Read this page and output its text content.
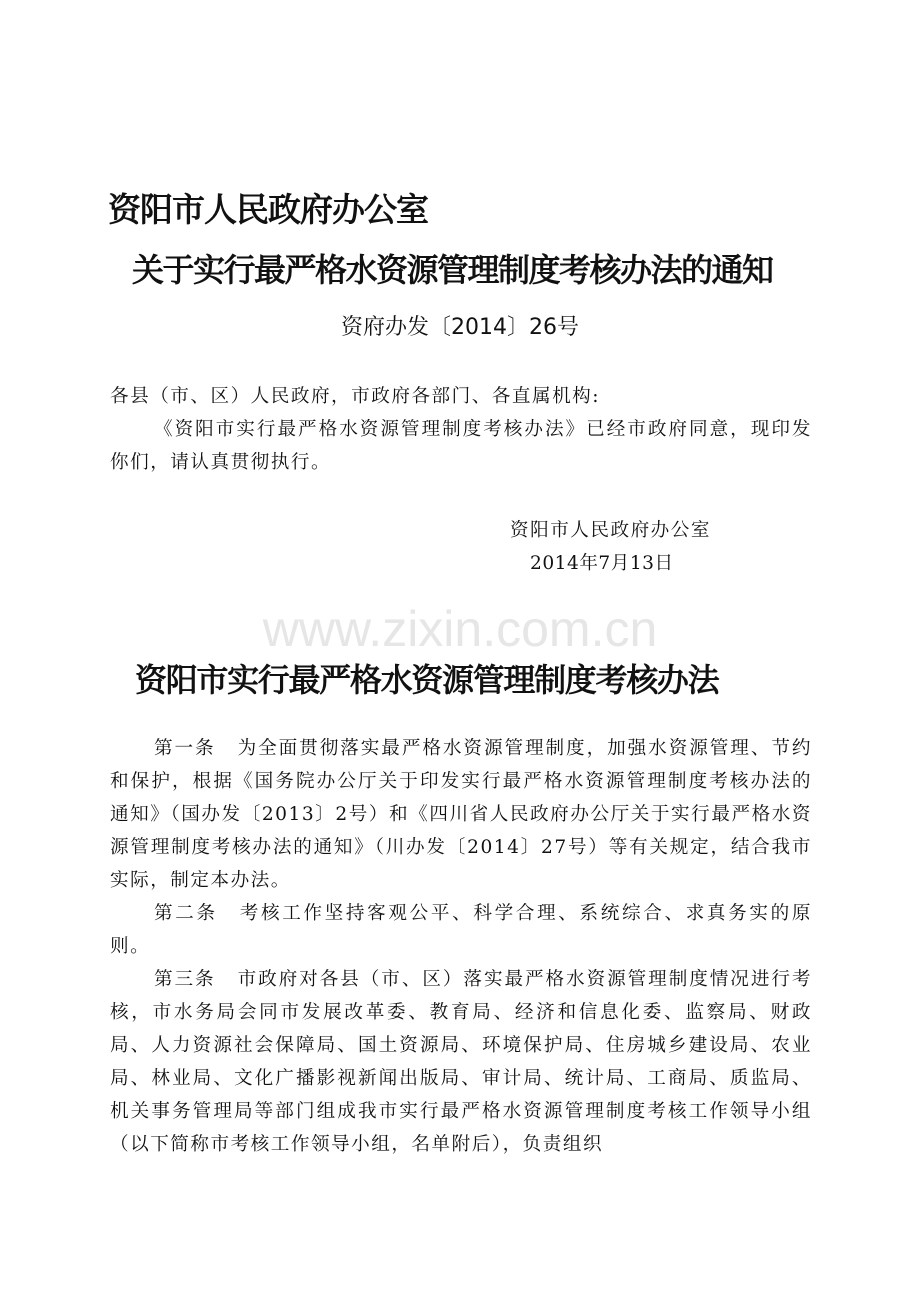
资阳市人民政府办公室
关于实行最严格水资源管理制度考核办法的通知

资府办发〔2014〕26号

各县（市、区）人民政府，市政府各部门、各直属机构:

《资阳市实行最严格水资源管理制度考核办法》已经市政府同意，现印发你们，请认真贯彻执行。

资阳市人民政府办公室
2014年7月13日

www.zixin.com.cn

资阳市实行最严格水资源管理制度考核办法

第一条 为全面贯彻落实最严格水资源管理制度，加强水资源管理、节约和保护，根据《国务院办公厅关于印发实行最严格水资源管理制度考核办法的通知》（国办发〔2013〕2号）和《四川省人民政府办公厅关于实行最严格水资源管理制度考核办法的通知》（川办发〔2014〕27号）等有关规定，结合我市实际，制定本办法。

第二条 考核工作坚持客观公平、科学合理、系统综合、求真务实的原则。

第三条 市政府对各县（市、区）落实最严格水资源管理制度情况进行考核，市水务局会同市发展改革委、教育局、经济和信息化委、监察局、财政局、人力资源社会保障局、国土资源局、环境保护局、住房城乡建设局、农业局、林业局、文化广播影视新闻出版局、审计局、统计局、工商局、质监局、机关事务管理局等部门组成我市实行最严格水资源管理制度考核工作领导小组（以下简称市考核工作领导小组，名单附后），负责组织
